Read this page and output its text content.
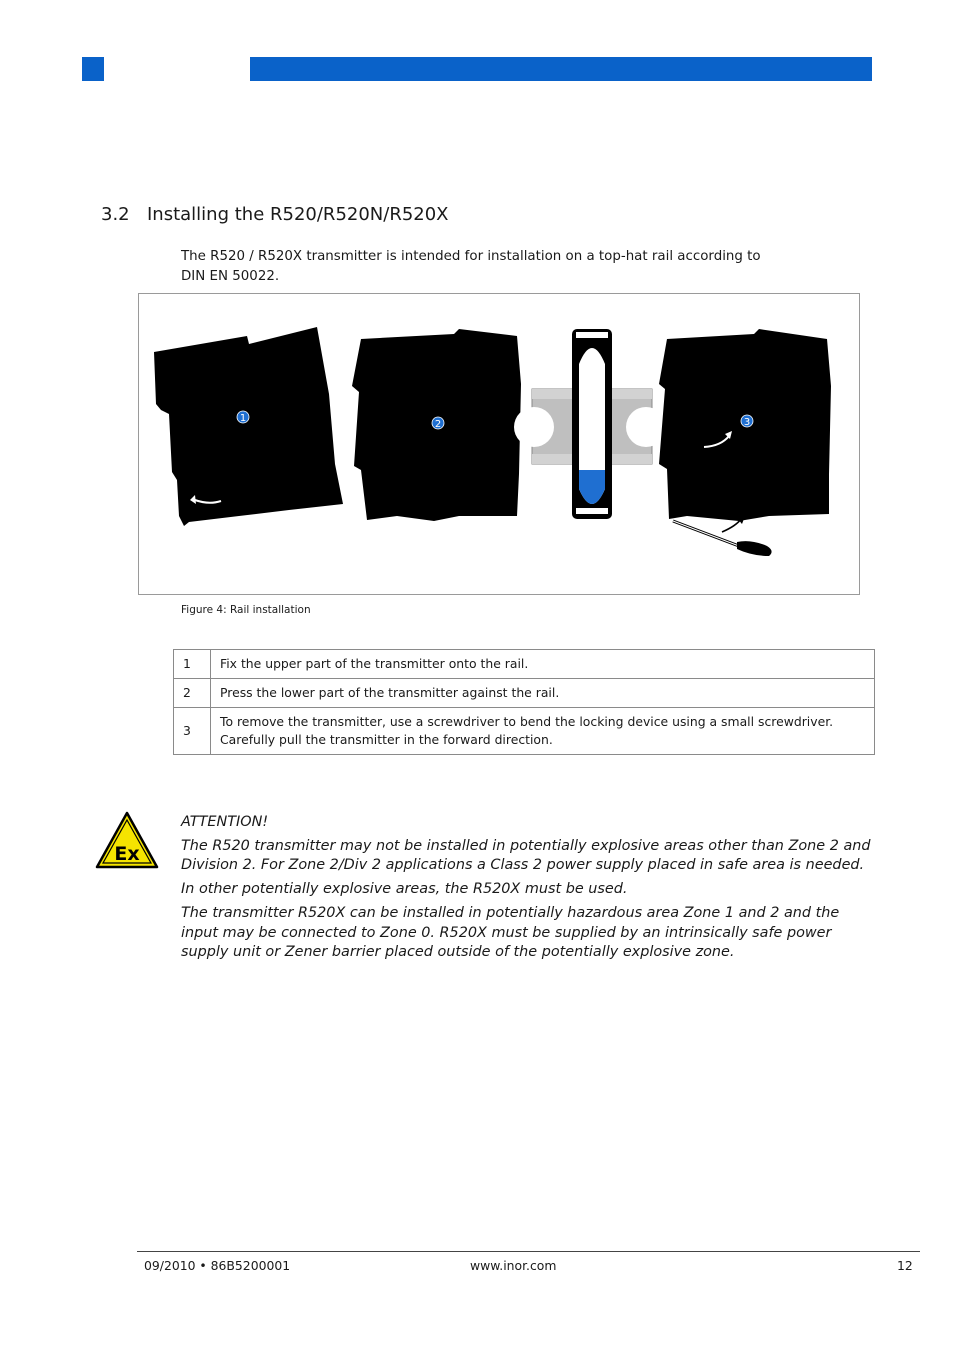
3.2 Installing the R520/R520N/R520X
The R520 / R520X transmitter is intended for installation on a top-hat rail according to
DIN EN 50022.
1
2	3
Figure 4: Rail installation
1	Fix the upper part of the transmitter onto the rail.
2	Press the lower part of the transmitter against the rail.
3	To remove the transmitter, use a screwdriver to bend the locking device using a small screwdriver.
Carefully pull the transmitter in the forward direction.
Ex
ATTENTION!

The R520 transmitter may not be installed in potentially explosive areas other than Zone 2 and Division 2. For Zone 2/Div 2 applications a Class 2 power supply placed in safe area is needed.

In other potentially explosive areas, the R520X must be used.

The transmitter R520X can be installed in potentially hazardous area Zone 1 and 2 and the input may be connected to Zone 0. R520X must be supplied by an intrinsically safe power supply unit or Zener barrier placed outside of the potentially explosive zone.

09/2010 • 86B5200001	www.inor.com	12
